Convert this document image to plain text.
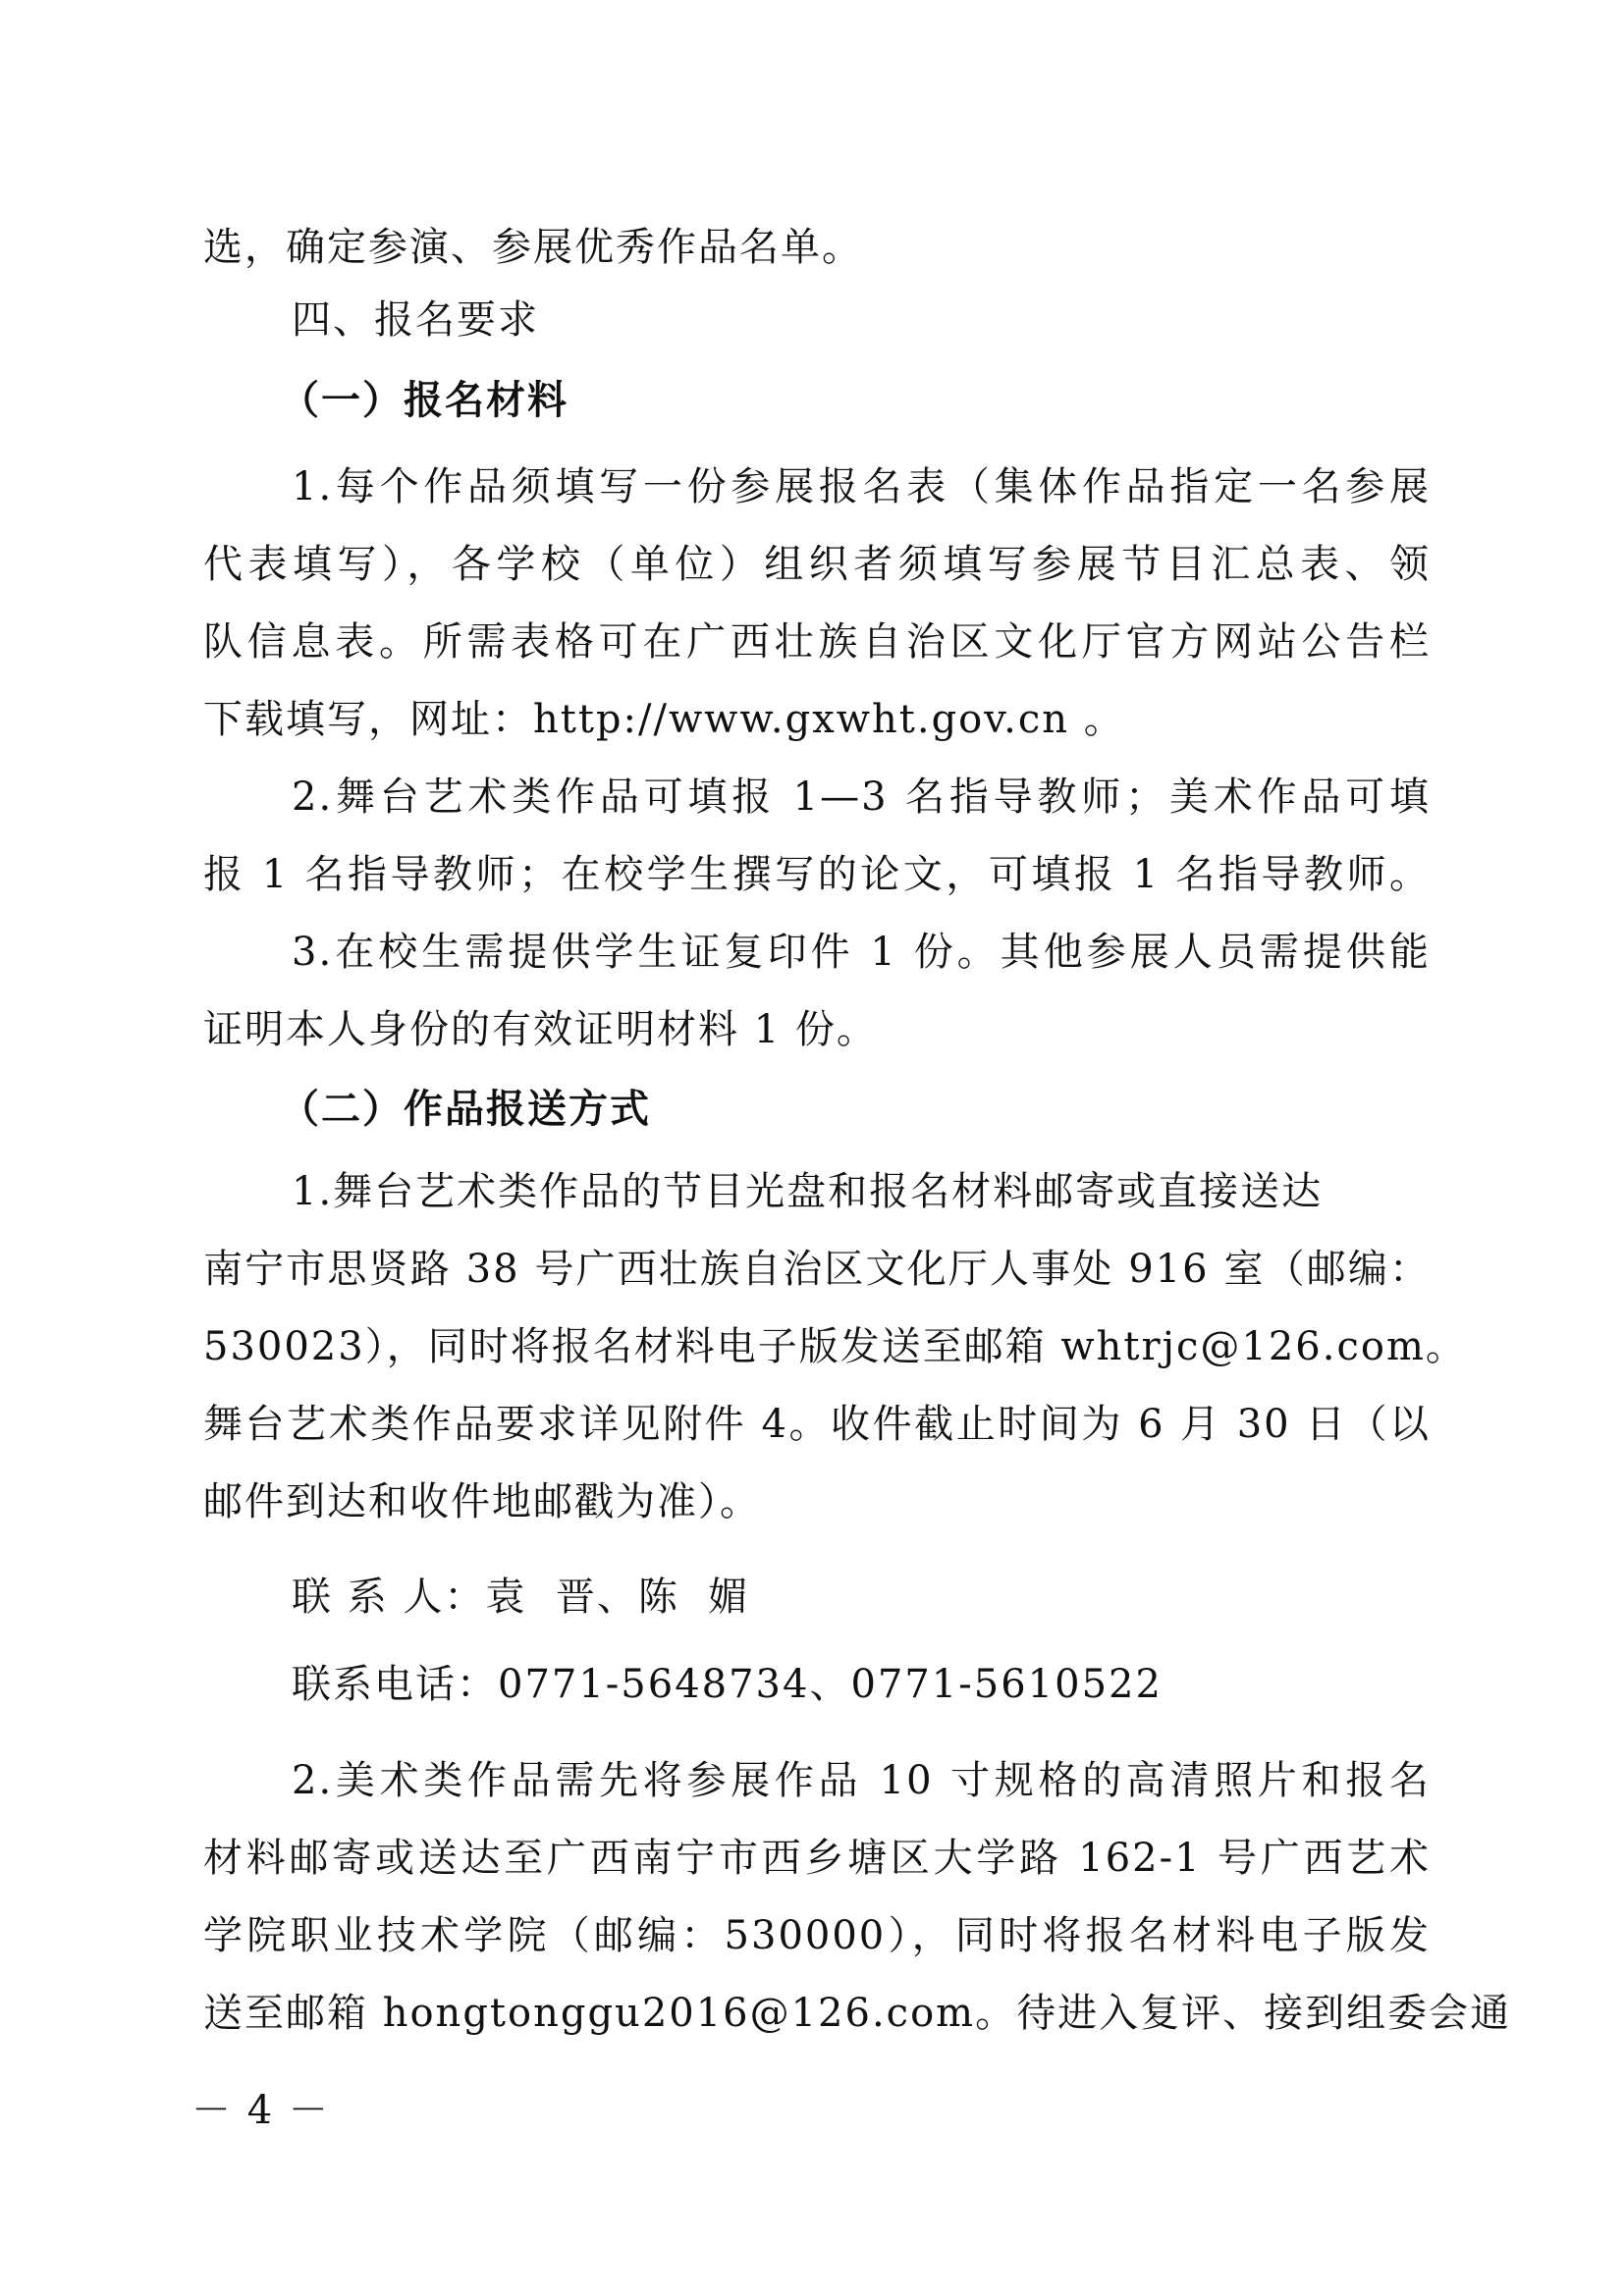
选，确定参演、参展优秀作品名单。
四、报名要求
（一）报名材料
1.每个作品须填写一份参展报名表（集体作品指定一名参展
代表填写），各学校（单位）组织者须填写参展节目汇总表、领
队信息表。所需表格可在广西壮族自治区文化厅官方网站公告栏
下载填写，网址：http://www.gxwht.gov.cn 。
2.舞台艺术类作品可填报 1—3 名指导教师；美术作品可填
报 1 名指导教师；在校学生撰写的论文，可填报 1 名指导教师。
3.在校生需提供学生证复印件 1 份。其他参展人员需提供能
证明本人身份的有效证明材料 1 份。
（二）作品报送方式
1.舞台艺术类作品的节目光盘和报名材料邮寄或直接送达
南宁市思贤路 38 号广西壮族自治区文化厅人事处 916 室（邮编：
530023），同时将报名材料电子版发送至邮箱 whtrjc@126.com。
舞台艺术类作品要求详见附件 4。收件截止时间为 6 月 30 日（以
邮件到达和收件地邮戳为准）。
联 系 人：袁  晋、陈  媚
联系电话：0771-5648734、0771-5610522
2.美术类作品需先将参展作品 10 寸规格的高清照片和报名
材料邮寄或送达至广西南宁市西乡塘区大学路 162-1 号广西艺术
学院职业技术学院（邮编：530000），同时将报名材料电子版发
送至邮箱 hongtonggu2016@126.com。待进入复评、接到组委会通
－ 4 －
